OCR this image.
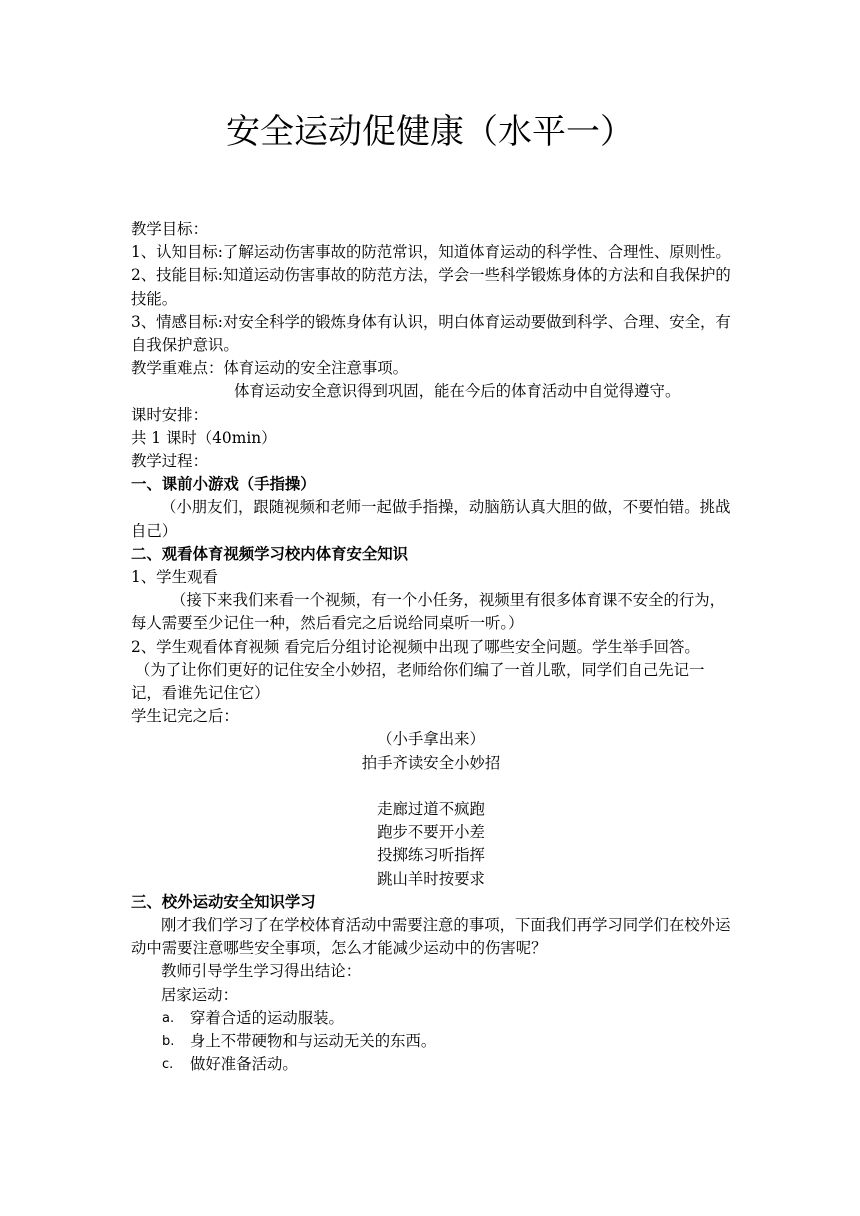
安全运动促健康（水平一）

教学目标：

1、认知目标:了解运动伤害事故的防范常识，知道体育运动的科学性、合理性、原则性。

2、技能目标:知道运动伤害事故的防范方法，学会一些科学锻炼身体的方法和自我保护的技能。

3、情感目标:对安全科学的锻炼身体有认识，明白体育运动要做到科学、合理、安全，有自我保护意识。

教学重难点：体育运动的安全注意事项。

体育运动安全意识得到巩固，能在今后的体育活动中自觉得遵守。

课时安排：

共 1 课时（40min）

教学过程：

一、课前小游戏（手指操）

（小朋友们，跟随视频和老师一起做手指操，动脑筋认真大胆的做，不要怕错。挑战自己）

二、观看体育视频学习校内体育安全知识

1、学生观看

（接下来我们来看一个视频，有一个小任务，视频里有很多体育课不安全的行为，每人需要至少记住一种，然后看完之后说给同桌听一听。）

2、学生观看体育视频 看完后分组讨论视频中出现了哪些安全问题。学生举手回答。

（为了让你们更好的记住安全小妙招，老师给你们编了一首儿歌，同学们自己先记一记，看谁先记住它）

学生记完之后：

（小手拿出来）

拍手齐读安全小妙招

走廊过道不疯跑

跑步不要开小差

投掷练习听指挥

跳山羊时按要求

三、校外运动安全知识学习

刚才我们学习了在学校体育活动中需要注意的事项，下面我们再学习同学们在校外运动中需要注意哪些安全事项，怎么才能减少运动中的伤害呢？

教师引导学生学习得出结论：

居家运动：

a.	穿着合适的运动服装。
b.	身上不带硬物和与运动无关的东西。
c.	做好准备活动。
